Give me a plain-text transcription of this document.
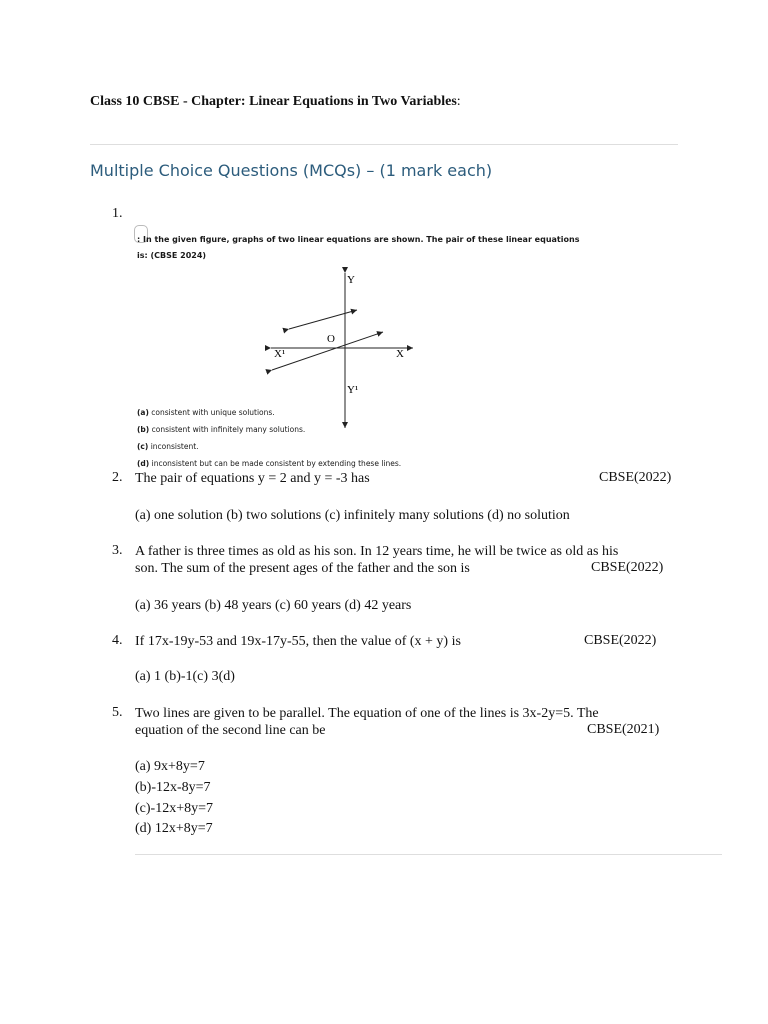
Class 10 CBSE - Chapter: Linear Equations in Two Variables:
Multiple Choice Questions (MCQs) – (1 mark each)
1.
: In the given figure, graphs of two linear equations are shown. The pair of these linear equations
is: (CBSE 2024)
Y
Y¹
X
X¹
O
(a) consistent with unique solutions.
(b) consistent with infinitely many solutions.
(c) inconsistent.
(d) inconsistent but can be made consistent by extending these lines.
2. The pair of equations y = 2 and y = -3 has	CBSE(2022)
(a) one solution (b) two solutions (c) infinitely many solutions (d) no solution
3. A father is three times as old as his son. In 12 years time, he will be twice as old as his
son. The sum of the present ages of the father and the son is	CBSE(2022)
(a) 36 years (b) 48 years (c) 60 years (d) 42 years
4. If 17x-19y-53 and 19x-17y-55, then the value of (x + y) is	CBSE(2022)
(a) 1 (b)-1(c) 3(d)
5. Two lines are given to be parallel. The equation of one of the lines is 3x-2y=5. The
equation of the second line can be	CBSE(2021)
(a) 9x+8y=7
(b)-12x-8y=7
(c)-12x+8y=7
(d) 12x+8y=7
